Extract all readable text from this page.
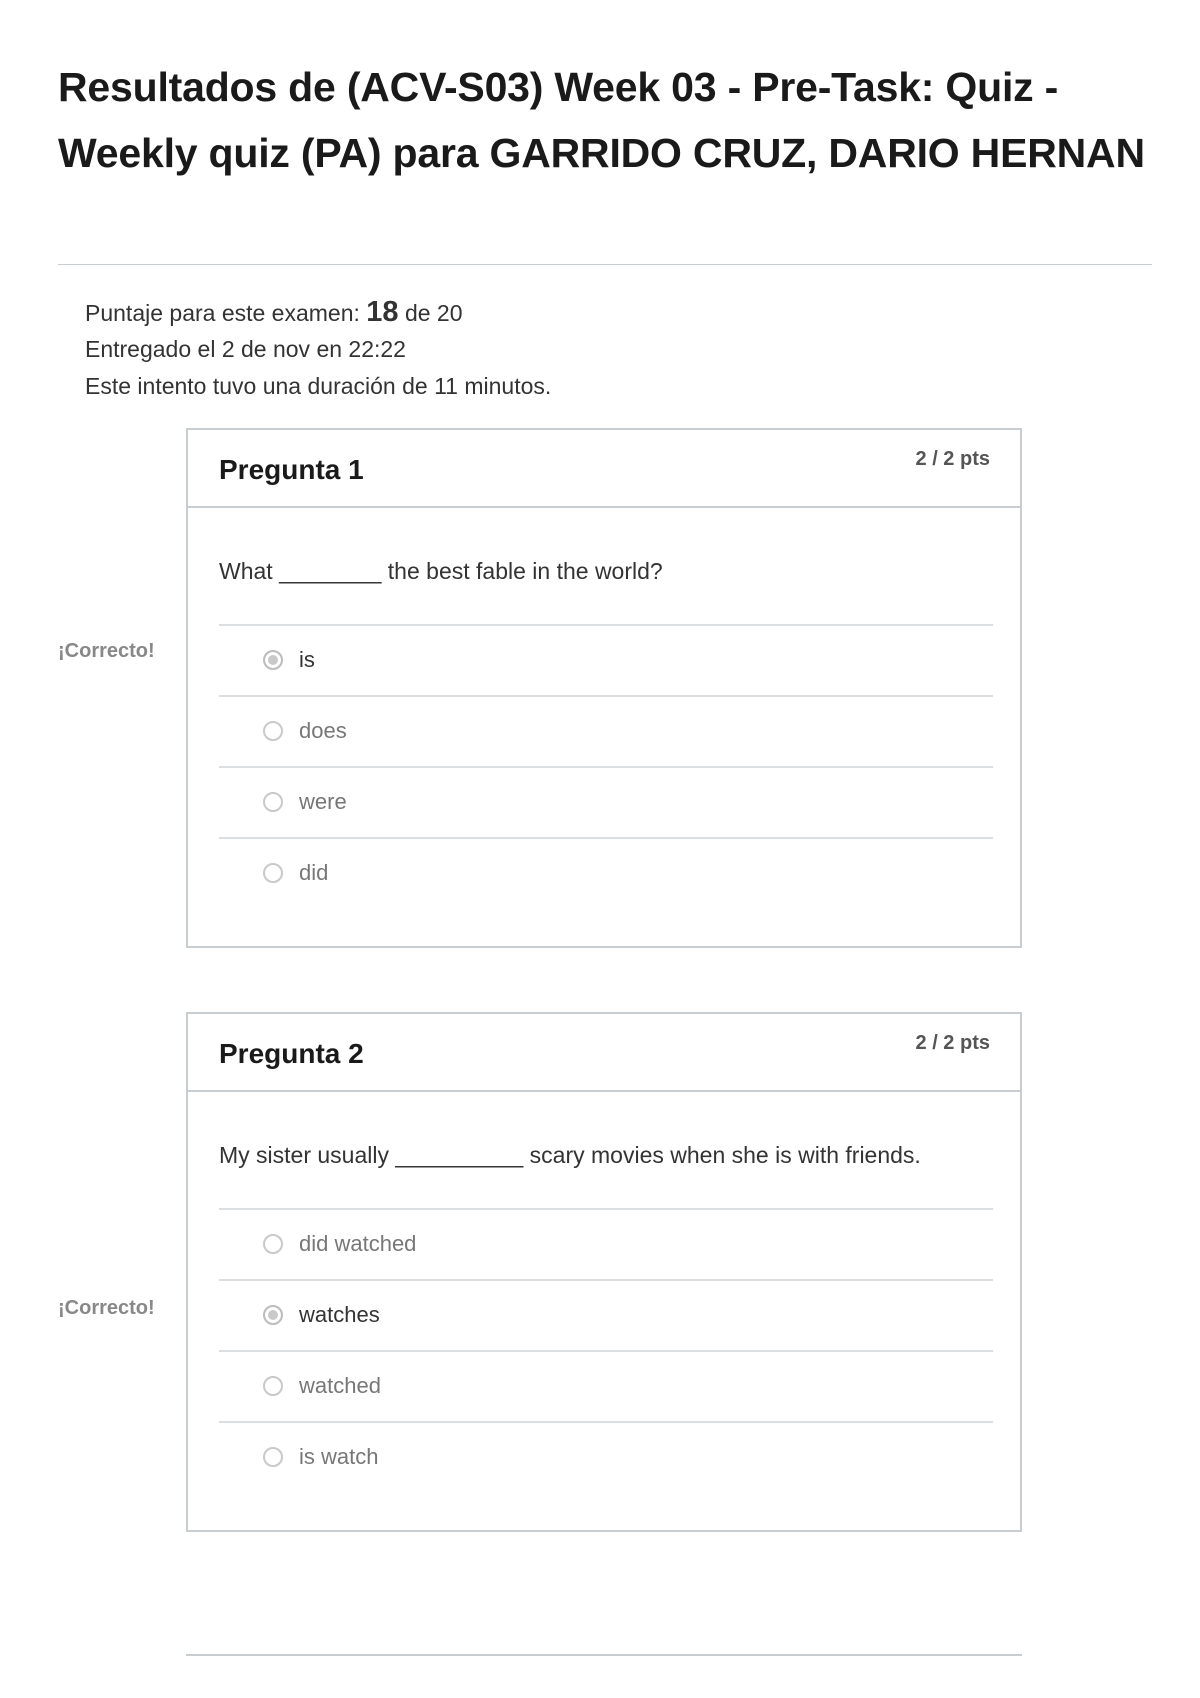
Resultados de (ACV-S03) Week 03 - Pre-Task: Quiz - Weekly quiz (PA) para GARRIDO CRUZ, DARIO HERNAN
Puntaje para este examen: 18 de 20
Entregado el 2 de nov en 22:22
Este intento tuvo una duración de 11 minutos.
¡Correcto!
Pregunta 1	2 / 2 pts
What ________ the best fable in the world?
is
does
were
did
¡Correcto!
Pregunta 2	2 / 2 pts
My sister usually __________ scary movies when she is with friends.
did watched
watches
watched
is watch
